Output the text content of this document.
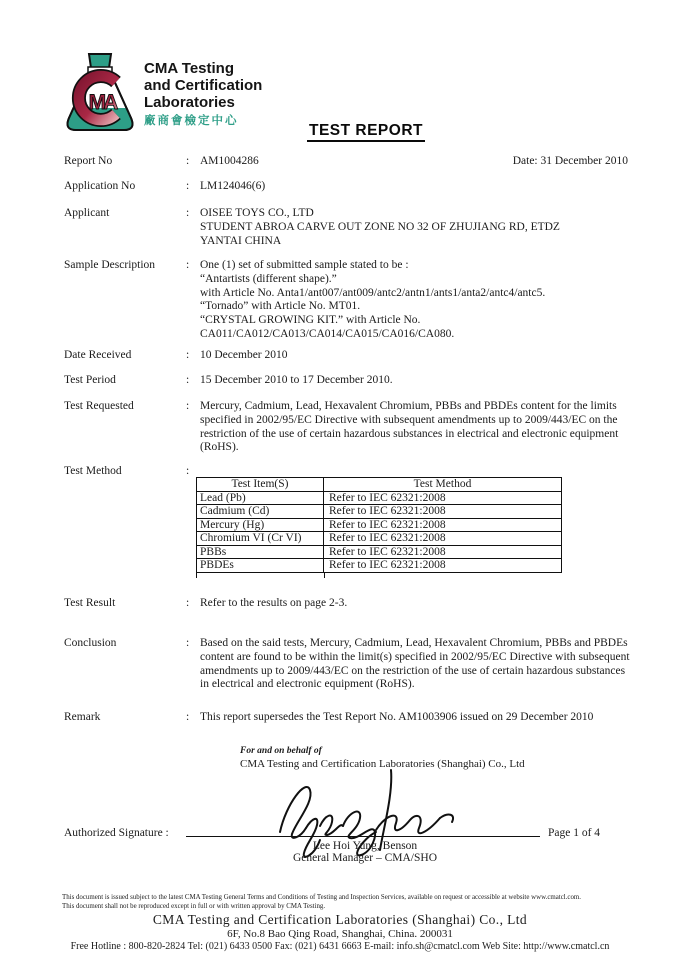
MA
CMA Testing
and Certification
Laboratories
廠商會檢定中心
TEST REPORT
Date: 31 December 2010
Report No	: AM1004286
Application No	: LM124046(6)
Applicant	: OISEE TOYS CO., LTD
STUDENT ABROA CARVE OUT ZONE NO 32 OF ZHUJIANG RD, ETDZ
YANTAI CHINA
Sample Description	: One (1) set of submitted sample stated to be :
“Antartists (different shape).”
with Article No. Anta1/ant007/ant009/antc2/antn1/ants1/anta2/antc4/antc5.
“Tornado” with Article No. MT01.
“CRYSTAL GROWING KIT.” with Article No.
CA011/CA012/CA013/CA014/CA015/CA016/CA080.
Date Received	: 10 December 2010
Test Period	: 15 December 2010 to 17 December 2010.
Test Requested	: Mercury, Cadmium, Lead, Hexavalent Chromium, PBBs and PBDEs content for the limits specified in 2002/95/EC Directive with subsequent amendments up to 2009/443/EC on the restriction of the use of certain hazardous substances in electrical and electronic equipment (RoHS).
Test Method	:
Test Item(S)	Test Method
Lead (Pb)	Refer to IEC 62321:2008
Cadmium (Cd)	Refer to IEC 62321:2008
Mercury (Hg)	Refer to IEC 62321:2008
Chromium VI (Cr VI)	Refer to IEC 62321:2008
PBBs	Refer to IEC 62321:2008
PBDEs	Refer to IEC 62321:2008
Test Result	: Refer to the results on page 2-3.
Conclusion	: Based on the said tests, Mercury, Cadmium, Lead, Hexavalent Chromium, PBBs and PBDEs content are found to be within the limit(s) specified in 2002/95/EC Directive with subsequent amendments up to 2009/443/EC on the restriction of the use of certain hazardous substances in electrical and electronic equipment (RoHS).
Remark	: This report supersedes the Test Report No. AM1003906 issued on 29 December 2010
For and on behalf of
CMA Testing and Certification Laboratories (Shanghai) Co., Ltd
Authorized Signature :	Page 1 of 4
Lee Hoi Yung, Benson
General Manager – CMA/SHO
This document is issued subject to the latest CMA Testing General Terms and Conditions of Testing and Inspection Services, available on request or accessible at website www.cmatcl.com.
This document shall not be reproduced except in full or with written approval by CMA Testing.
CMA Testing and Certification Laboratories (Shanghai) Co., Ltd
6F, No.8 Bao Qing Road, Shanghai, China. 200031
Free Hotline : 800-820-2824 Tel: (021) 6433 0500 Fax: (021) 6431 6663 E-mail: info.sh@cmatcl.com Web Site: http://www.cmatcl.cn
